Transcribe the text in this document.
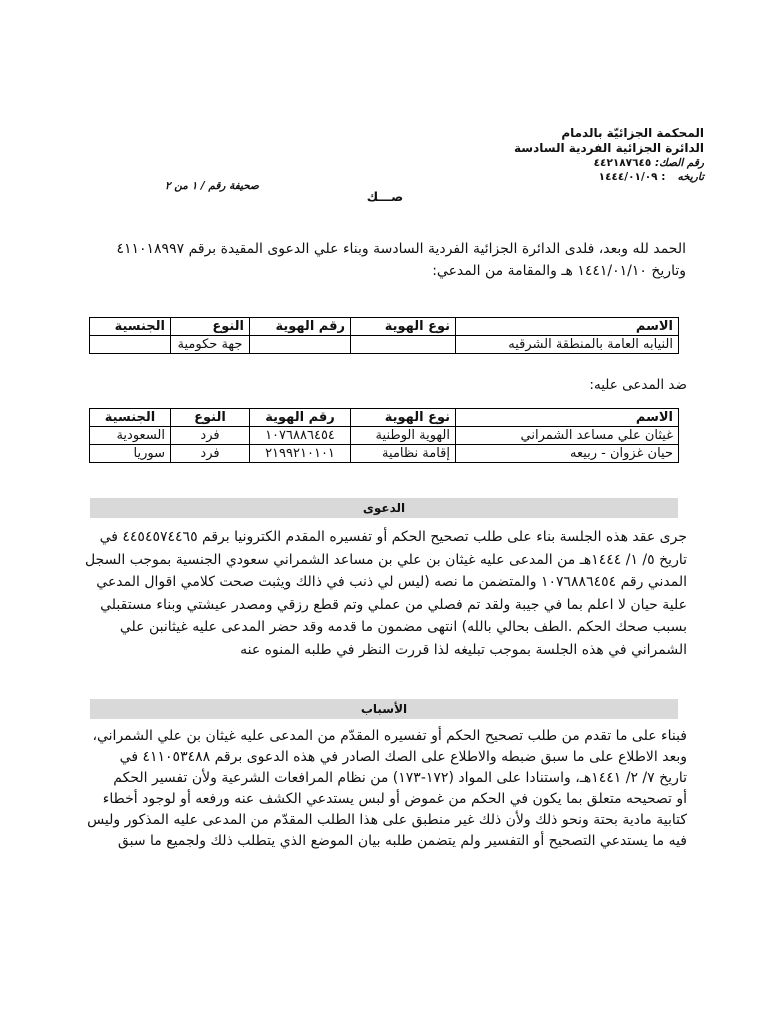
المحكمة الجزائيّة بالدمام
الدائرة الجزائية الفردية السادسة
رقم الصك: ٤٤٢١٨٧٦٤٥
تاريخه
: ١٤٤٤/٠١/٠٩
صحيفة رقم / ١ من ٢
صـــك
الحمد لله وبعد، فلدى الدائرة الجزائية الفردية السادسة وبناء علي الدعوى المقيدة برقم ٤١١٠١٨٩٩٧
وتاريخ ١٤٤١/٠١/١٠ هـ والمقامة من المدعي:
الاسم	نوع الهوية	رقم الهوية	النوع	الجنسية
النيابه العامة بالمنطقة الشرقيه			جهة حكومية	
ضد المدعى عليه:
الاسم	نوع الهوية	رقم الهوية	النوع	الجنسية
غيثان علي مساعد الشمراني	الهوية الوطنية	١٠٧٦٨٨٦٤٥٤	فرد	السعودية
حيان غزوان - ربيعه	إقامة نظامية	٢١٩٩٢١٠١٠١	فرد	سوريا
الدعوى
جرى عقد هذه الجلسة بناء على طلب تصحيح الحكم أو تفسيره المقدم الكترونيا برقم ٤٤٥٤٥٧٤٤٦٥ في
تاريخ ٥/ ١/ ١٤٤٤هـ من المدعى عليه غيثان بن علي بن مساعد الشمراني سعودي الجنسية بموجب السجل
المدني رقم ١٠٧٦٨٨٦٤٥٤ والمتضمن ما نصه (ليس لي ذنب في ذالك ويثبت صحت كلامي اقوال المدعي
علية حيان لا اعلم بما في جيبة ولقد تم فصلي من عملي وتم قطع رزقي ومصدر عيشتي وبناء مستقبلي
بسبب صحك الحكم .الطف بحالي بالله) انتهى مضمون ما قدمه وقد حضر المدعى عليه غيثانبن علي
الشمراني في هذه الجلسة بموجب تبليغه لذا قررت النظر في طلبه المنوه عنه
الأسباب
فبناء على ما تقدم من طلب تصحيح الحكم أو تفسيره المقدّم من المدعى عليه غيثان بن علي الشمراني،
وبعد الاطلاع على ما سبق ضبطه والاطلاع على الصك الصادر في هذه الدعوى برقم ٤١١٠٥٣٤٨٨ في
تاريخ ٧/ ٢/ ١٤٤١هـ، واستنادا على المواد (١٧٢-١٧٣) من نظام المرافعات الشرعية ولأن تفسير الحكم
أو تصحيحه متعلق بما يكون في الحكم من غموض أو لبس يستدعي الكشف عنه ورفعه أو لوجود أخطاء
كتابية مادية بحتة ونحو ذلك ولأن ذلك غير منطبق على هذا الطلب المقدّم من المدعى عليه المذكور وليس
فيه ما يستدعي التصحيح أو التفسير ولم يتضمن طلبه بيان الموضع الذي يتطلب ذلك ولجميع ما سبق
